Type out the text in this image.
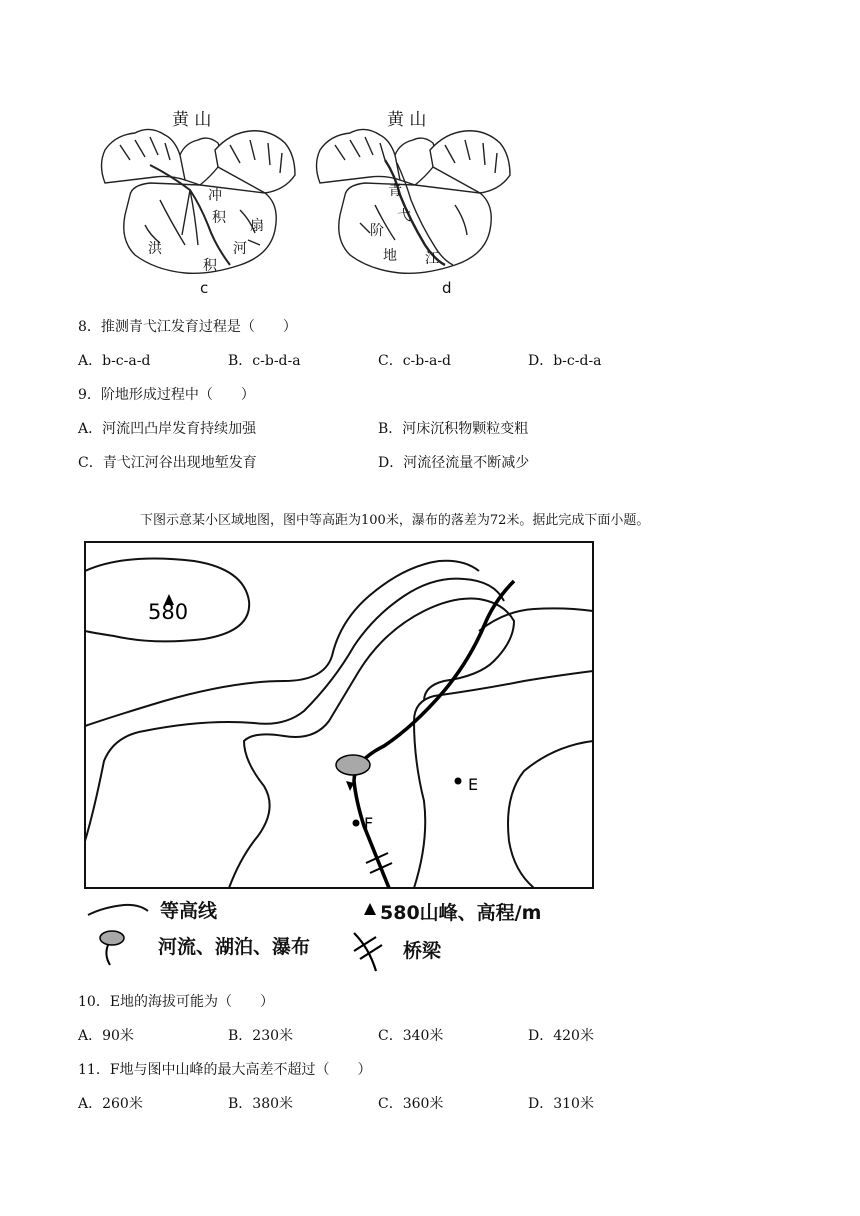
黄 山
冲
积
扇
洪
积
河
c
黄 山
青
弋
阶
地 江
d
8．推测青弋江发育过程是（　　）
A．b-c-a-d	B．c-b-d-a	C．c-b-a-d	D．b-c-d-a
9．阶地形成过程中（　　）
A．河流凹凸岸发育持续加强	B．河床沉积物颗粒变粗
C．青弋江河谷出现地堑发育	D．河流径流量不断减少
下图示意某小区域地图，图中等高距为100米，瀑布的落差为72米。据此完成下面小题。
580
E
F
等高线	580山峰、高程/m
河流、湖泊、瀑布	桥梁
10．E地的海拔可能为（　　）
A．90米	B．230米	C．340米	D．420米
11．F地与图中山峰的最大高差不超过（　　）
A．260米	B．380米	C．360米	D．310米
